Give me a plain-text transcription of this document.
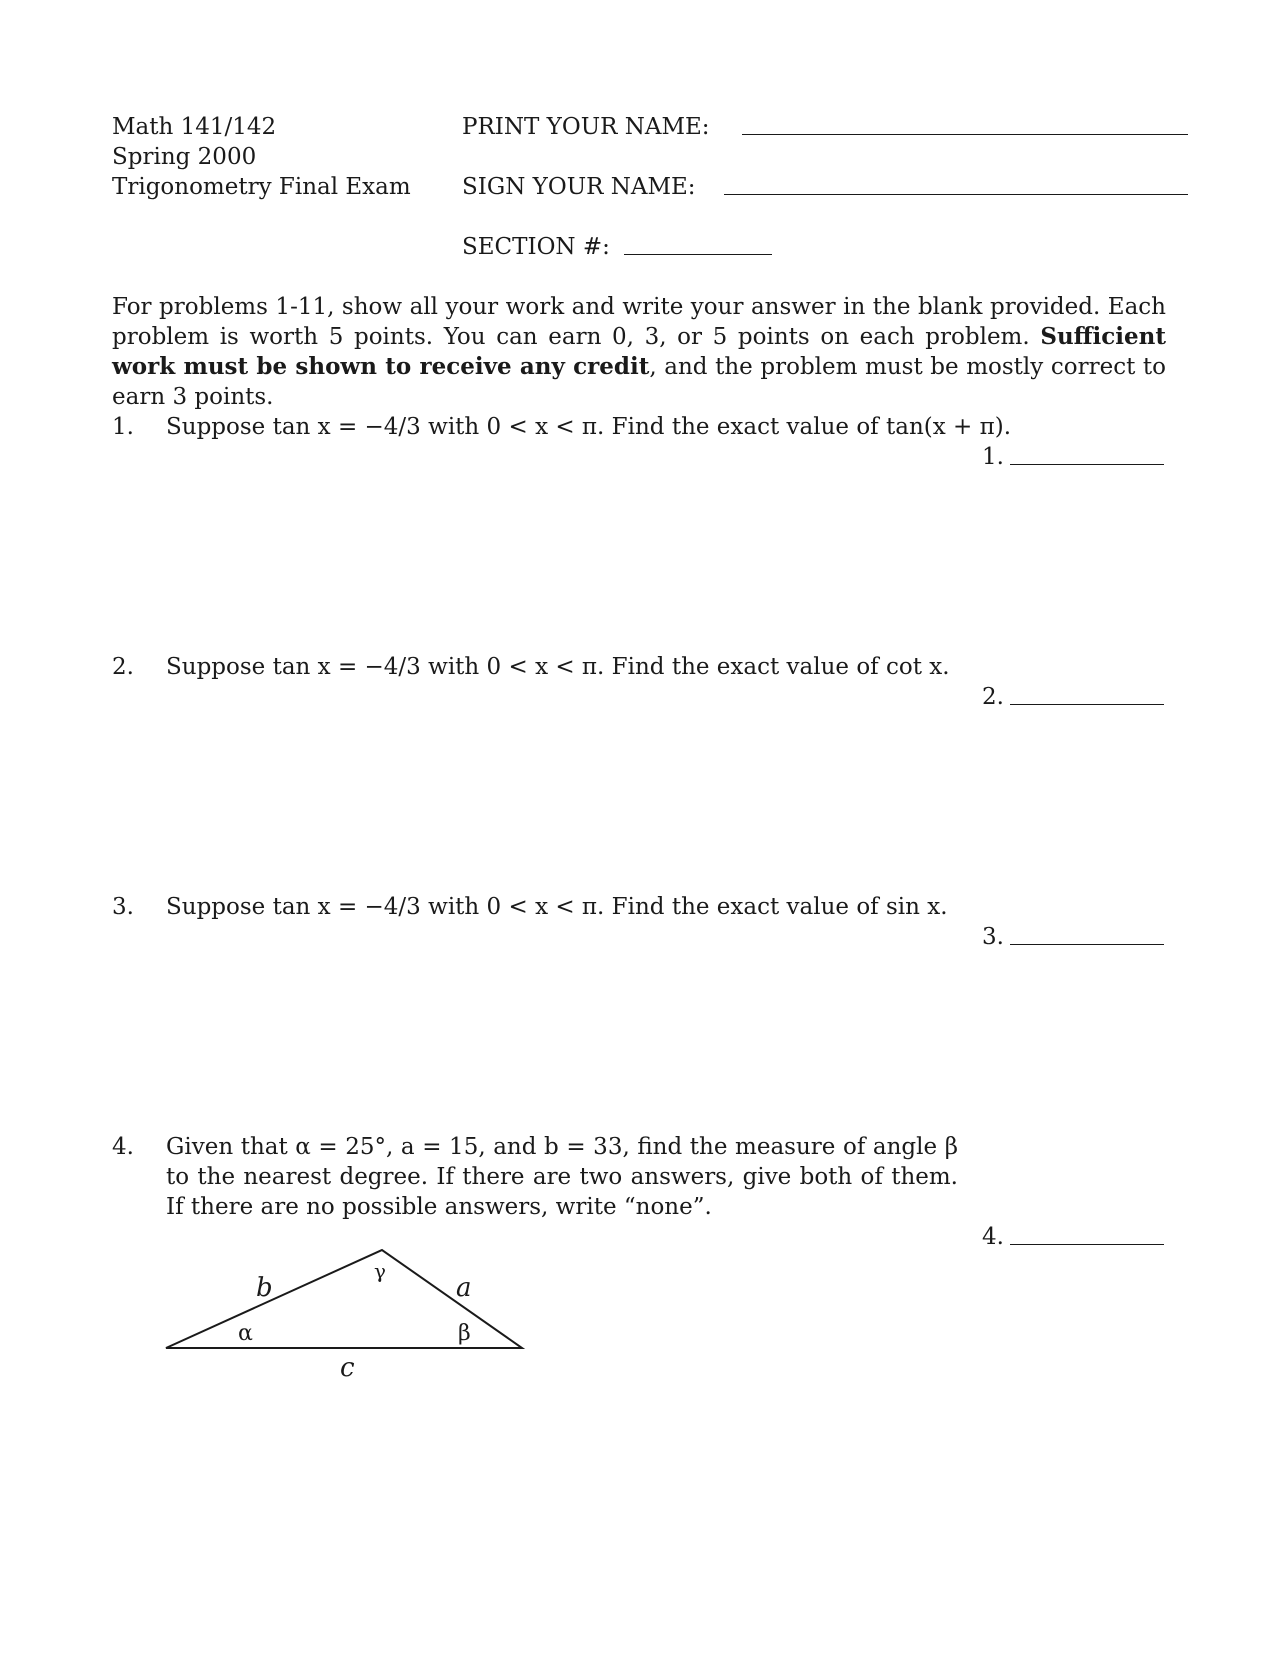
Math 141/142
Spring 2000
Trigonometry Final Exam
PRINT YOUR NAME:
SIGN YOUR NAME:
SECTION #:
For problems 1-11, show all your work and write your answer in the blank provided. Each problem is worth 5 points. You can earn 0, 3, or 5 points on each problem. Sufficient work must be shown to receive any credit, and the problem must be mostly correct to earn 3 points.
1. Suppose tan x = −4/3 with 0 < x < π. Find the exact value of tan(x + π).
1.
2. Suppose tan x = −4/3 with 0 < x < π. Find the exact value of cot x.
2.
3. Suppose tan x = −4/3 with 0 < x < π. Find the exact value of sin x.
3.
4. Given that α = 25°, a = 15, and b = 33, find the measure of angle β to the nearest degree. If there are two answers, give both of them. If there are no possible answers, write “none”.
4.
b	a
c
α	β
γ
